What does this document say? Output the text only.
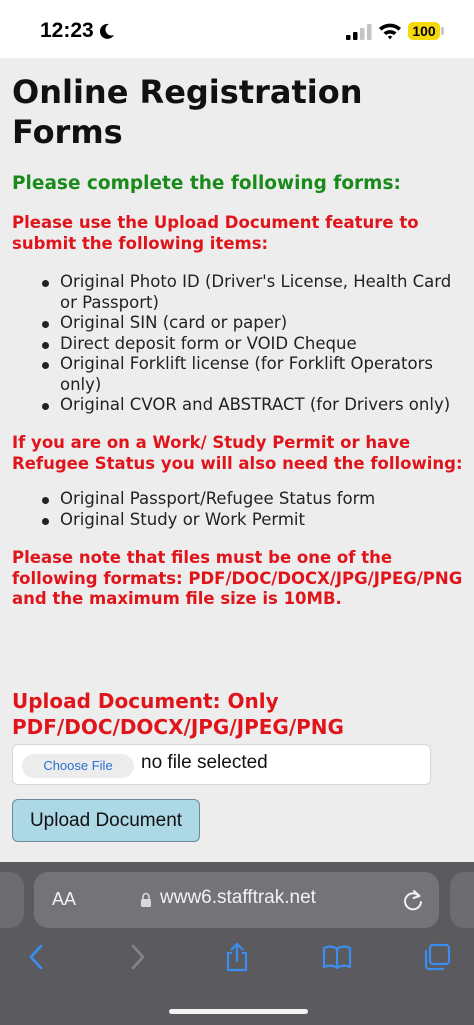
12:23	100
Online Registration Forms
Please complete the following forms:

Please use the Upload Document feature to submit the following items:

Original Photo ID (Driver's License, Health Card or Passport)
Original SIN (card or paper)
Direct deposit form or VOID Cheque
Original Forklift license (for Forklift Operators only)
Original CVOR and ABSTRACT (for Drivers only)

If you are on a Work/ Study Permit or have Refugee Status you will also need the following:

Original Passport/Refugee Status form
Original Study or Work Permit

Please note that files must be one of the following formats: PDF/DOC/DOCX/JPG/JPEG/PNG and the maximum file size is 10MB.

Upload Document: Only PDF/DOC/DOCX/JPG/JPEG/PNG
Choose File	no file selected
Upload Document
AA	www6.stafftrak.net
